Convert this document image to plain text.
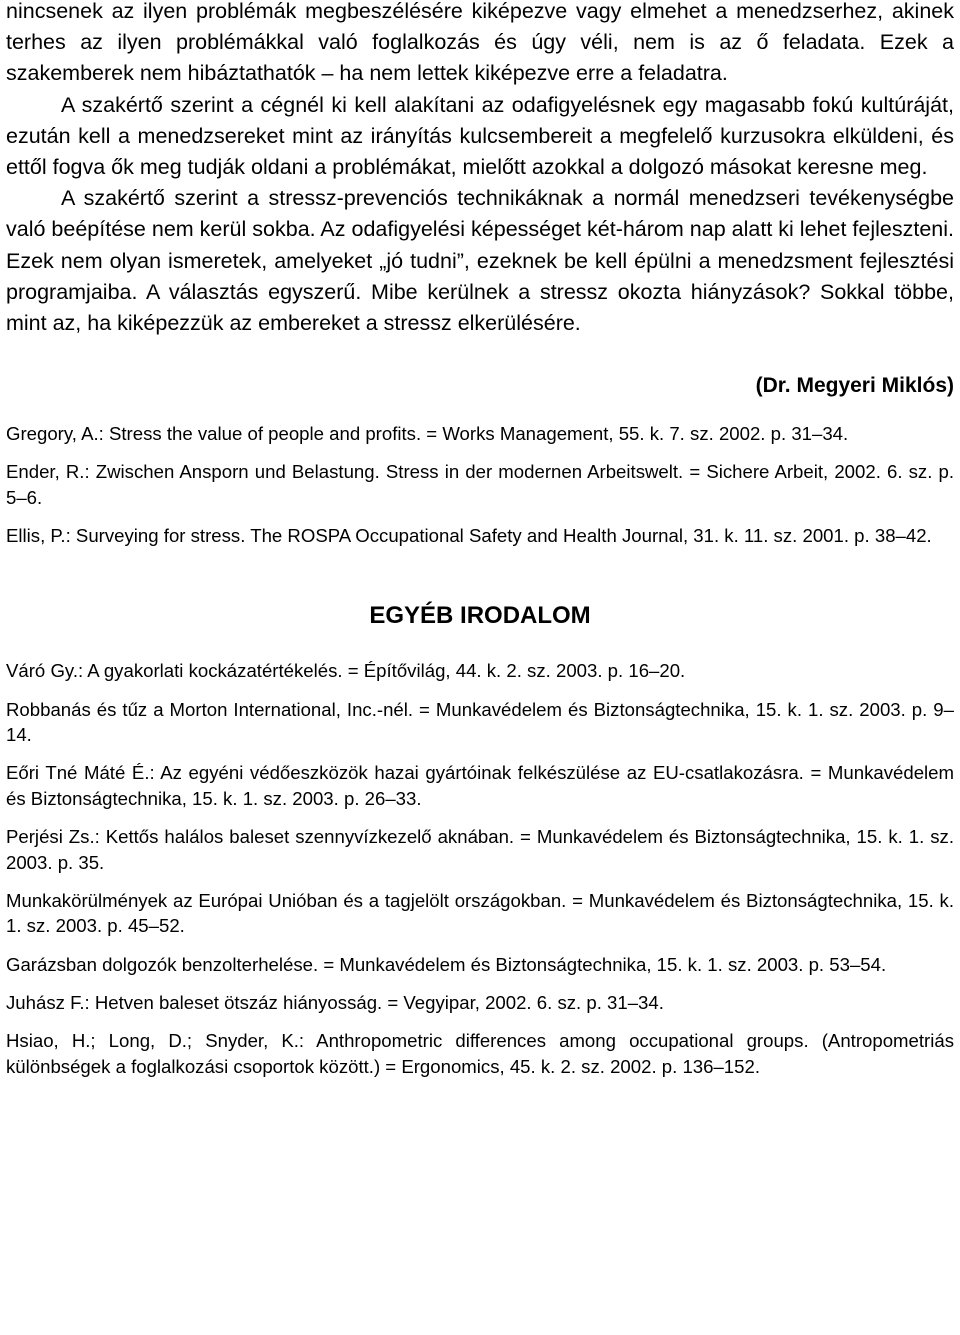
nincsenek az ilyen problémák megbeszélésére kiképezve vagy elmehet a menedzserhez, akinek terhes az ilyen problémákkal való foglalkozás és úgy véli, nem is az ő feladata. Ezek a szakemberek nem hibáztathatók – ha nem lettek kiképezve erre a feladatra.

A szakértő szerint a cégnél ki kell alakítani az odafigyelésnek egy magasabb fokú kultúráját, ezután kell a menedzsereket mint az irányítás kulcsembereit a megfelelő kurzusokra elküldeni, és ettől fogva ők meg tudják oldani a problémákat, mielőtt azokkal a dolgozó másokat keresne meg.

A szakértő szerint a stressz-prevenciós technikáknak a normál menedzseri tevékenységbe való beépítése nem kerül sokba. Az odafigyelési képességet két-három nap alatt ki lehet fejleszteni. Ezek nem olyan ismeretek, amelyeket „jó tudni”, ezeknek be kell épülni a menedzsment fejlesztési programjaiba. A választás egyszerű. Mibe kerülnek a stressz okozta hiányzások? Sokkal többe, mint az, ha kiképezzük az embereket a stressz elkerülésére.

(Dr. Megyeri Miklós)

Gregory, A.: Stress the value of people and profits. = Works Management, 55. k. 7. sz. 2002. p. 31–34.

Ender, R.: Zwischen Ansporn und Belastung. Stress in der modernen Arbeitswelt. = Sichere Arbeit, 2002. 6. sz. p. 5–6.

Ellis, P.: Surveying for stress. The ROSPA Occupational Safety and Health Journal, 31. k. 11. sz. 2001. p. 38–42.

EGYÉB IRODALOM

Váró Gy.: A gyakorlati kockázatértékelés. = Építővilág, 44. k. 2. sz. 2003. p. 16–20.

Robbanás és tűz a Morton International, Inc.-nél. = Munkavédelem és Biztonságtechnika, 15. k. 1. sz. 2003. p. 9–14.

Eőri Tné Máté É.: Az egyéni védőeszközök hazai gyártóinak felkészülése az EU-csatlakozásra. = Munkavédelem és Biztonságtechnika, 15. k. 1. sz. 2003. p. 26–33.

Perjési Zs.: Kettős halálos baleset szennyvízkezelő aknában. = Munkavédelem és Biztonságtechnika, 15. k. 1. sz. 2003. p. 35.

Munkakörülmények az Európai Unióban és a tagjelölt országokban. = Munkavédelem és Biztonságtechnika, 15. k. 1. sz. 2003. p. 45–52.

Garázsban dolgozók benzolterhelése. = Munkavédelem és Biztonságtechnika, 15. k. 1. sz. 2003. p. 53–54.

Juhász F.: Hetven baleset ötszáz hiányosság. = Vegyipar, 2002. 6. sz. p. 31–34.

Hsiao, H.; Long, D.; Snyder, K.: Anthropometric differences among occupational groups. (Antropometriás különbségek a foglalkozási csoportok között.) = Ergonomics, 45. k. 2. sz. 2002. p. 136–152.
